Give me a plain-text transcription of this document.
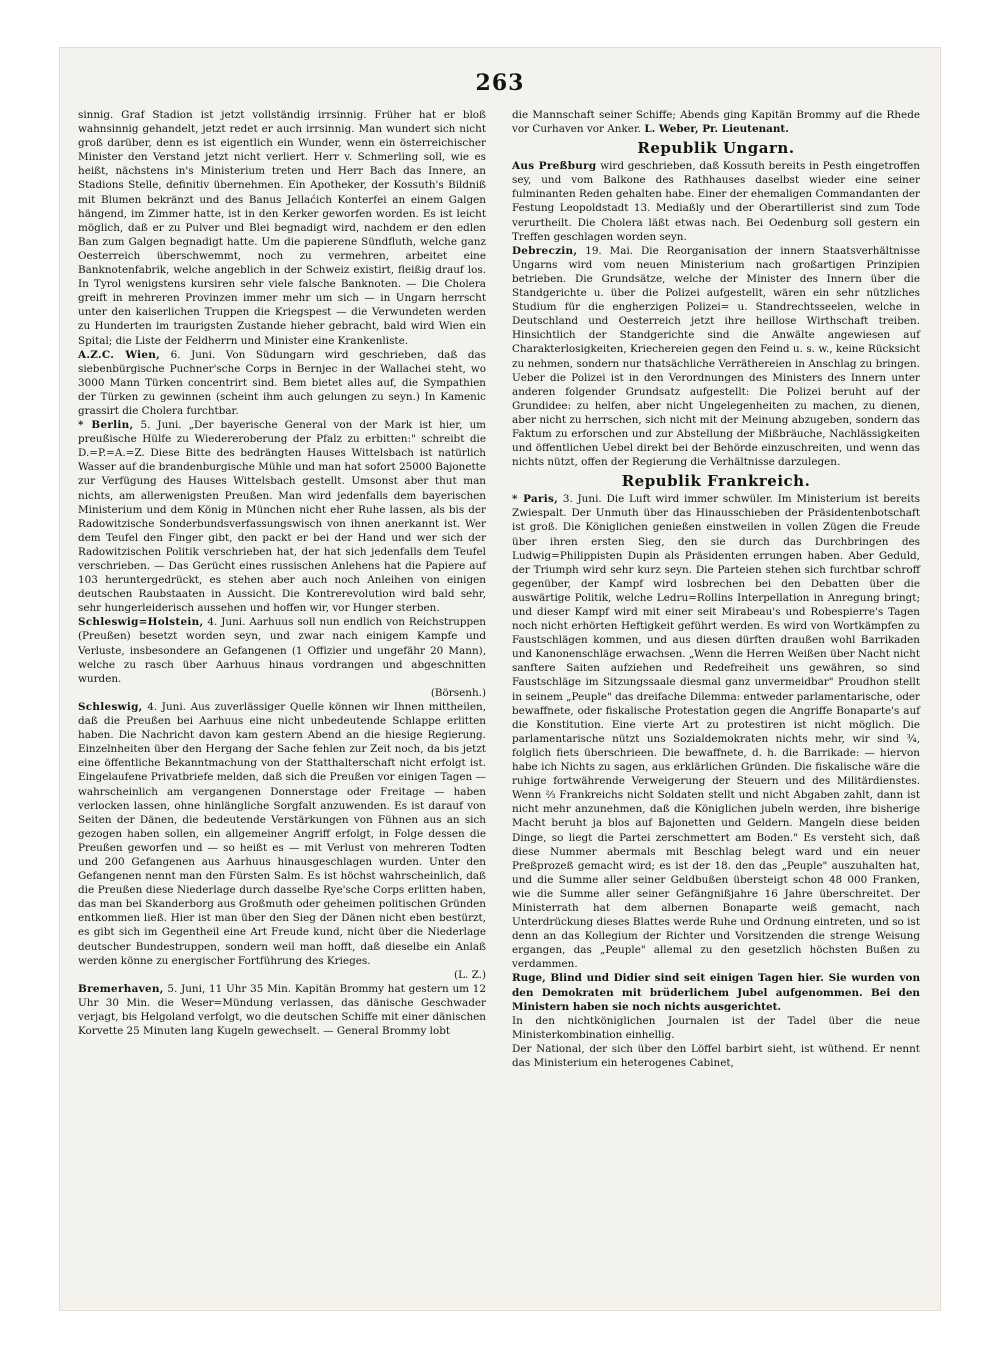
263

sinnig. Graf Stadion ist jetzt vollständig irrsinnig. Früher hat er bloß wahnsinnig gehandelt, jetzt redet er auch irrsinnig. Man wundert sich nicht groß darüber, denn es ist eigentlich ein Wunder, wenn ein österreichischer Minister den Verstand jetzt nicht verliert. Herr v. Schmerling soll, wie es heißt, nächstens in's Ministerium treten und Herr Bach das Innere, an Stadions Stelle, definitiv übernehmen. Ein Apotheker, der Kossuth's Bildniß mit Blumen bekränzt und des Banus Jellaćich Konterfei an einem Galgen hängend, im Zimmer hatte, ist in den Kerker geworfen worden. Es ist leicht möglich, daß er zu Pulver und Blei begnadigt wird, nachdem er den edlen Ban zum Galgen begnadigt hatte. Um die papierene Sündfluth, welche ganz Oesterreich überschwemmt, noch zu vermehren, arbeitet eine Banknotenfabrik, welche angeblich in der Schweiz existirt, fleißig drauf los. In Tyrol wenigstens kursiren sehr viele falsche Banknoten. — Die Cholera greift in mehreren Provinzen immer mehr um sich — in Ungarn herrscht unter den kaiserlichen Truppen die Kriegspest — die Verwundeten werden zu Hunderten im traurigsten Zustande hieher gebracht, bald wird Wien ein Spital; die Liste der Feldherrn und Minister eine Krankenliste.

A.Z.C. Wien, 6. Juni. Von Südungarn wird geschrieben, daß das siebenbürgische Puchner'sche Corps in Bernjec in der Wallachei steht, wo 3000 Mann Türken concentrirt sind. Bem bietet alles auf, die Sympathien der Türken zu gewinnen (scheint ihm auch gelungen zu seyn.) In Kamenic grassirt die Cholera furchtbar.

* Berlin, 5. Juni. „Der bayerische General von der Mark ist hier, um preußische Hülfe zu Wiedereroberung der Pfalz zu erbitten:" schreibt die D.=P.=A.=Z. Diese Bitte des bedrängten Hauses Wittelsbach ist natürlich Wasser auf die brandenburgische Mühle und man hat sofort 25000 Bajonette zur Verfügung des Hauses Wittelsbach gestellt. Umsonst aber thut man nichts, am allerwenigsten Preußen. Man wird jedenfalls dem bayerischen Ministerium und dem König in München nicht eher Ruhe lassen, als bis der Radowitzische Sonderbundsverfassungswisch von ihnen anerkannt ist. Wer dem Teufel den Finger gibt, den packt er bei der Hand und wer sich der Radowitzischen Politik verschrieben hat, der hat sich jedenfalls dem Teufel verschrieben. — Das Gerücht eines russischen Anlehens hat die Papiere auf 103 heruntergedrückt, es stehen aber auch noch Anleihen von einigen deutschen Raubstaaten in Aussicht. Die Kontrerevolution wird bald sehr, sehr hungerleiderisch aussehen und hoffen wir, vor Hunger sterben.

Schleswig=Holstein, 4. Juni. Aarhuus soll nun endlich von Reichstruppen (Preußen) besetzt worden seyn, und zwar nach einigem Kampfe und Verluste, insbesondere an Gefangenen (1 Offizier und ungefähr 20 Mann), welche zu rasch über Aarhuus hinaus vordrangen und abgeschnitten wurden.
(Börsenh.)

Schleswig, 4. Juni. Aus zuverlässiger Quelle können wir Ihnen mittheilen, daß die Preußen bei Aarhuus eine nicht unbedeutende Schlappe erlitten haben. Die Nachricht davon kam gestern Abend an die hiesige Regierung. Einzelnheiten über den Hergang der Sache fehlen zur Zeit noch, da bis jetzt eine öffentliche Bekanntmachung von der Statthalterschaft nicht erfolgt ist. Eingelaufene Privatbriefe melden, daß sich die Preußen vor einigen Tagen — wahrscheinlich am vergangenen Donnerstage oder Freitage — haben verlocken lassen, ohne hinlängliche Sorgfalt anzuwenden. Es ist darauf von Seiten der Dänen, die bedeutende Verstärkungen von Fühnen aus an sich gezogen haben sollen, ein allgemeiner Angriff erfolgt, in Folge dessen die Preußen geworfen und — so heißt es — mit Verlust von mehreren Todten und 200 Gefangenen aus Aarhuus hinausgeschlagen wurden. Unter den Gefangenen nennt man den Fürsten Salm. Es ist höchst wahrscheinlich, daß die Preußen diese Niederlage durch dasselbe Rye'sche Corps erlitten haben, das man bei Skanderborg aus Großmuth oder geheimen politischen Gründen entkommen ließ. Hier ist man über den Sieg der Dänen nicht eben bestürzt, es gibt sich im Gegentheil eine Art Freude kund, nicht über die Niederlage deutscher Bundestruppen, sondern weil man hofft, daß dieselbe ein Anlaß werden könne zu energischer Fortführung des Krieges.
(L. Z.)

Bremerhaven, 5. Juni, 11 Uhr 35 Min. Kapitän Brommy hat gestern um 12 Uhr 30 Min. die Weser=Mündung verlassen, das dänische Geschwader verjagt, bis Helgoland verfolgt, wo die deutschen Schiffe mit einer dänischen Korvette 25 Minuten lang Kugeln gewechselt. — General Brommy lobt

die Mannschaft seiner Schiffe; Abends ging Kapitän Brommy auf die Rhede vor Curhaven vor Anker. L. Weber, Pr. Lieutenant.

Republik Ungarn.

Aus Preßburg wird geschrieben, daß Kossuth bereits in Pesth eingetroffen sey, und vom Balkone des Rathhauses daselbst wieder eine seiner fulminanten Reden gehalten habe. Einer der ehemaligen Commandanten der Festung Leopoldstadt 13. Mediaßly und der Oberartillerist sind zum Tode verurtheilt. Die Cholera läßt etwas nach. Bei Oedenburg soll gestern ein Treffen geschlagen worden seyn.

Debreczin, 19. Mai. Die Reorganisation der innern Staatsverhältnisse Ungarns wird vom neuen Ministerium nach großartigen Prinzipien betrieben. Die Grundsätze, welche der Minister des Innern über die Standgerichte u. über die Polizei aufgestellt, wären ein sehr nützliches Studium für die engherzigen Polizei= u. Standrechtsseelen, welche in Deutschland und Oesterreich jetzt ihre heillose Wirthschaft treiben. Hinsichtlich der Standgerichte sind die Anwälte angewiesen auf Charakterlosigkeiten, Kriechereien gegen den Feind u. s. w., keine Rücksicht zu nehmen, sondern nur thatsächliche Verräthereien in Anschlag zu bringen. Ueber die Polizei ist in den Verordnungen des Ministers des Innern unter anderen folgender Grundsatz aufgestellt: Die Polizei beruht auf der Grundidee: zu helfen, aber nicht Ungelegenheiten zu machen, zu dienen, aber nicht zu herrschen, sich nicht mit der Meinung abzugeben, sondern das Faktum zu erforschen und zur Abstellung der Mißbräuche, Nachlässigkeiten und öffentlichen Uebel direkt bei der Behörde einzuschreiten, und wenn das nichts nützt, offen der Regierung die Verhältnisse darzulegen.

Republik Frankreich.

* Paris, 3. Juni. Die Luft wird immer schwüler. Im Ministerium ist bereits Zwiespalt. Der Unmuth über das Hinausschieben der Präsidentenbotschaft ist groß. Die Königlichen genießen einstweilen in vollen Zügen die Freude über ihren ersten Sieg, den sie durch das Durchbringen des Ludwig=Philippisten Dupin als Präsidenten errungen haben. Aber Geduld, der Triumph wird sehr kurz seyn. Die Parteien stehen sich furchtbar schroff gegenüber, der Kampf wird losbrechen bei den Debatten über die auswärtige Politik, welche Ledru=Rollins Interpellation in Anregung bringt; und dieser Kampf wird mit einer seit Mirabeau's und Robespierre's Tagen noch nicht erhörten Heftigkeit geführt werden. Es wird von Wortkämpfen zu Faustschlägen kommen, und aus diesen dürften draußen wohl Barrikaden und Kanonenschläge erwachsen. „Wenn die Herren Weißen über Nacht nicht sanftere Saiten aufziehen und Redefreiheit uns gewähren, so sind Faustschläge im Sitzungssaale diesmal ganz unvermeidbar" Proudhon stellt in seinem „Peuple" das dreifache Dilemma: entweder parlamentarische, oder bewaffnete, oder fiskalische Protestation gegen die Angriffe Bonaparte's auf die Konstitution. Eine vierte Art zu protestiren ist nicht möglich. Die parlamentarische nützt uns Sozialdemokraten nichts mehr, wir sind ¾, folglich fiets überschrieen. Die bewaffnete, d. h. die Barrikade: — hiervon habe ich Nichts zu sagen, aus erklärlichen Gründen. Die fiskalische wäre die ruhige fortwährende Verweigerung der Steuern und des Militärdienstes. Wenn ⅔ Frankreichs nicht Soldaten stellt und nicht Abgaben zahlt, dann ist nicht mehr anzunehmen, daß die Königlichen jubeln werden, ihre bisherige Macht beruht ja blos auf Bajonetten und Geldern. Mangeln diese beiden Dinge, so liegt die Partei zerschmettert am Boden." Es versteht sich, daß diese Nummer abermals mit Beschlag belegt ward und ein neuer Preßprozeß gemacht wird; es ist der 18. den das „Peuple" auszuhalten hat, und die Summe aller seiner Geldbußen übersteigt schon 48 000 Franken, wie die Summe aller seiner Gefängnißjahre 16 Jahre überschreitet. Der Ministerrath hat dem albernen Bonaparte weiß gemacht, nach Unterdrückung dieses Blattes werde Ruhe und Ordnung eintreten, und so ist denn an das Kollegium der Richter und Vorsitzenden die strenge Weisung ergangen, das „Peuple" allemal zu den gesetzlich höchsten Bußen zu verdammen.

Ruge, Blind und Didier sind seit einigen Tagen hier. Sie wurden von den Demokraten mit brüderlichem Jubel aufgenommen. Bei den Ministern haben sie noch nichts ausgerichtet.

In den nichtköniglichen Journalen ist der Tadel über die neue Ministerkombination einhellig.

Der National, der sich über den Löffel barbirt sieht, ist wüthend. Er nennt das Ministerium ein heterogenes Cabinet,
